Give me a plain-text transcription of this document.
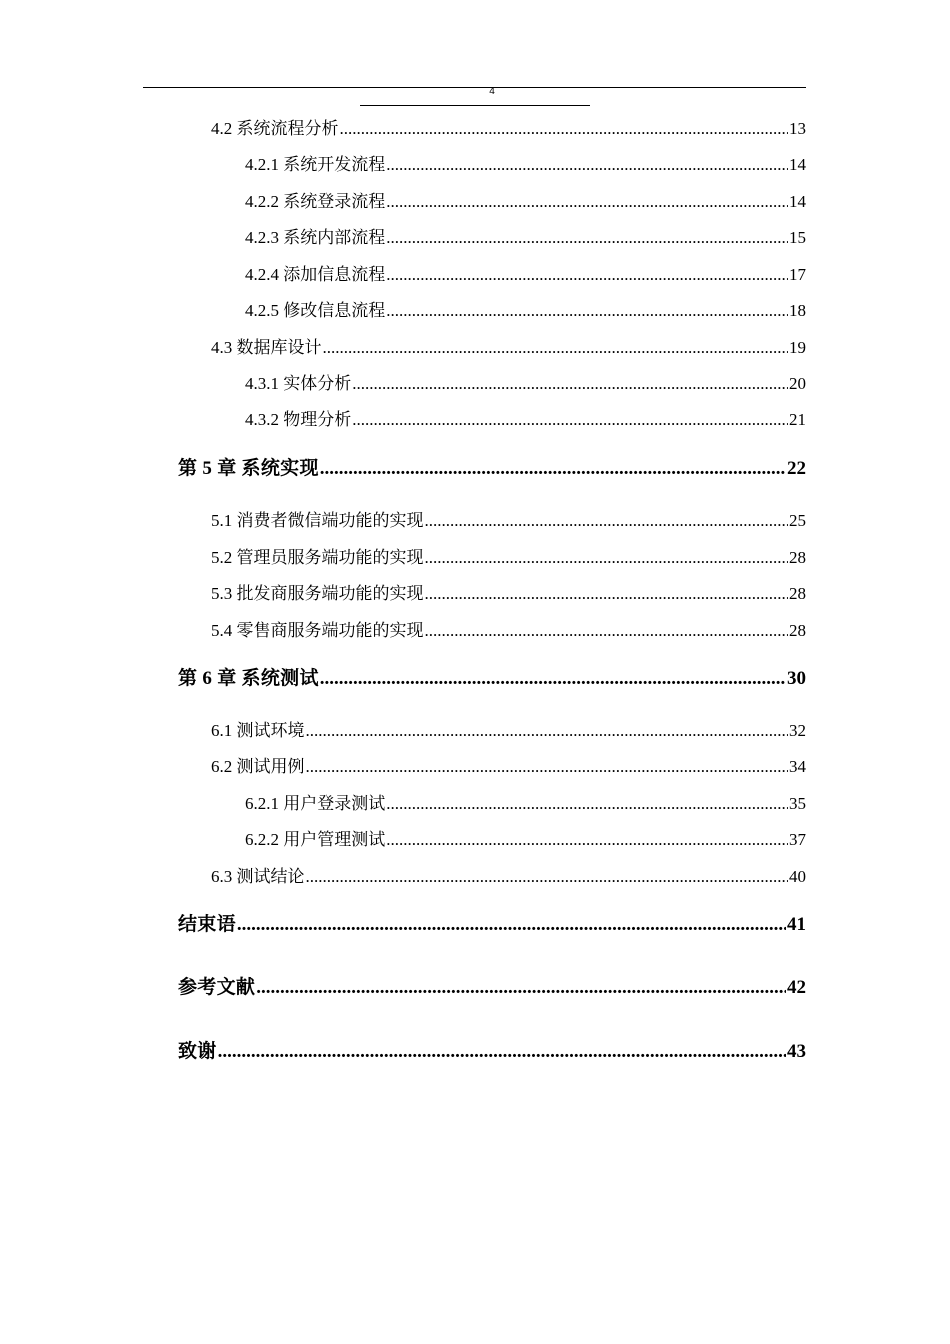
4
4.2 系统流程分析 .....	13
4.2.1 系统开发流程 .....	14
4.2.2 系统登录流程 .....	14
4.2.3 系统内部流程 .....	15
4.2.4 添加信息流程 .....	17
4.2.5 修改信息流程 .....	18
4.3 数据库设计 .....	19
4.3.1 实体分析 .....	20
4.3.2 物理分析 .....	21
第 5 章 系统实现 .....	22
5.1 消费者微信端功能的实现 .....	25
5.2 管理员服务端功能的实现 .....	28
5.3 批发商服务端功能的实现 .....	28
5.4 零售商服务端功能的实现 .....	28
第 6 章 系统测试 .....	30
6.1 测试环境 .....	32
6.2 测试用例 .....	34
6.2.1 用户登录测试 .....	35
6.2.2 用户管理测试 .....	37
6.3 测试结论 .....	40
结束语 .....	41
参考文献 .....	42
致谢 .....	43
